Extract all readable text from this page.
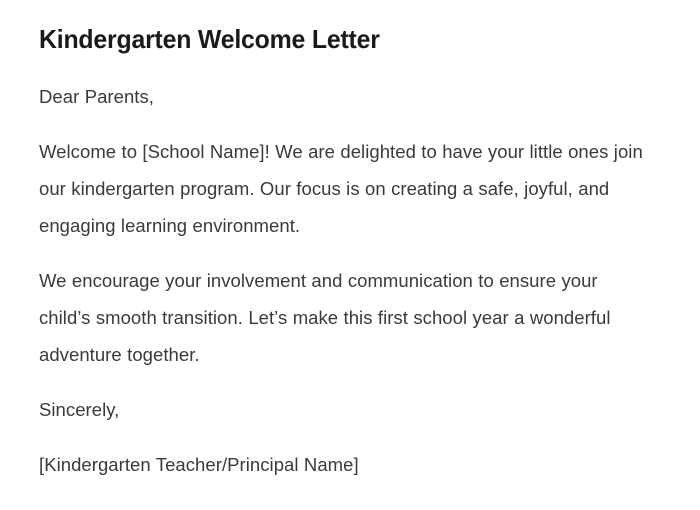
Kindergarten Welcome Letter

Dear Parents,

Welcome to [School Name]! We are delighted to have your little ones join our kindergarten program. Our focus is on creating a safe, joyful, and engaging learning environment.

We encourage your involvement and communication to ensure your child’s smooth transition. Let’s make this first school year a wonderful adventure together.

Sincerely,

[Kindergarten Teacher/Principal Name]
